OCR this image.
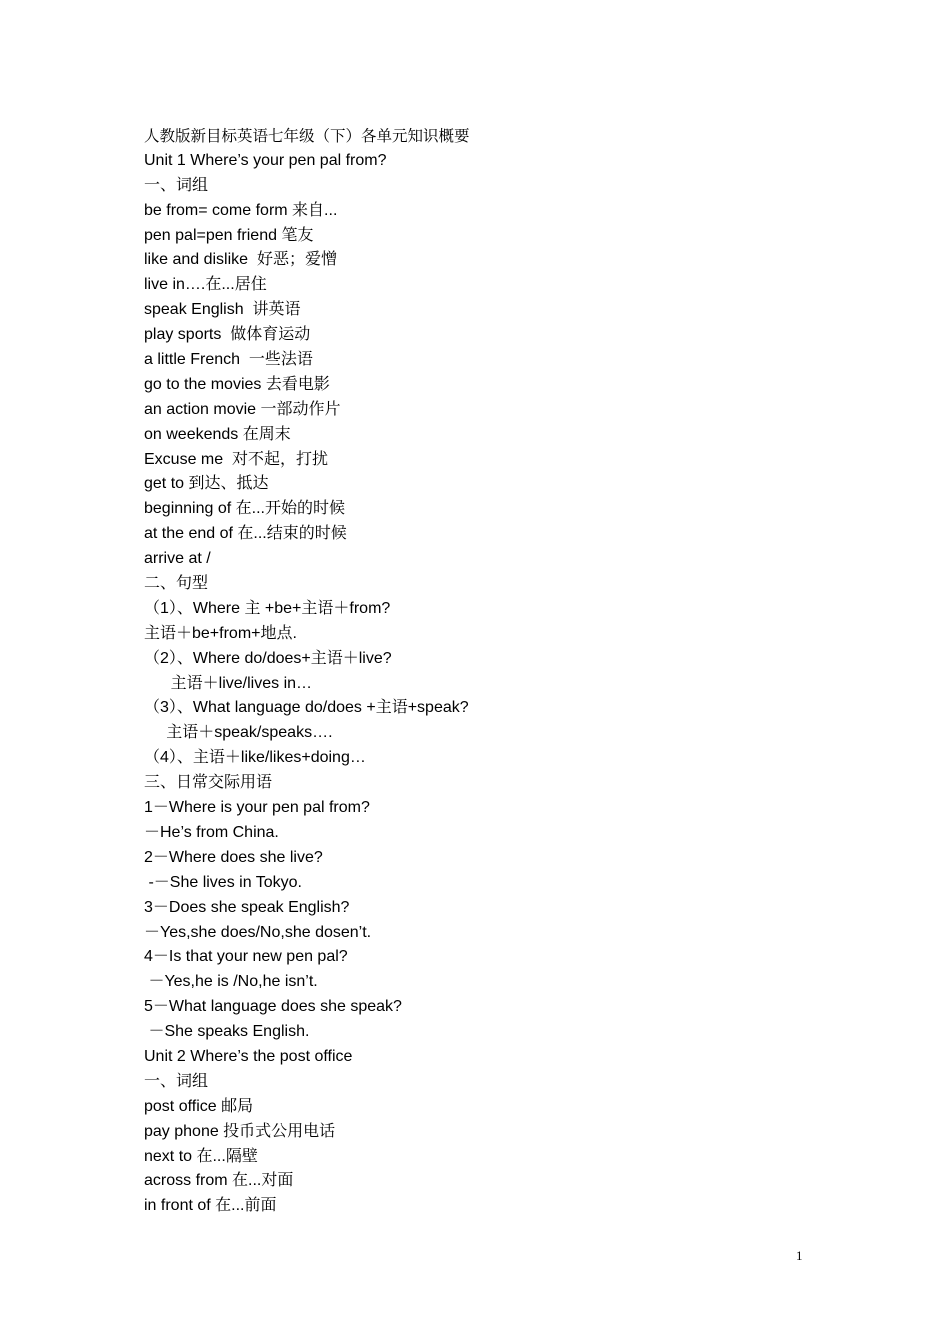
人教版新目标英语七年级（下）各单元知识概要
Unit 1 Where’s your pen pal from?
一、词组
be from= come form 来自...
pen pal=pen friend 笔友
like and dislike  好恶；爱憎
live in….在...居住
speak English  讲英语
play sports  做体育运动
a little French  一些法语
go to the movies 去看电影
an action movie 一部动作片
on weekends 在周末
Excuse me  对不起，打扰
get to 到达、抵达
beginning of 在...开始的时候
at the end of 在...结束的时候
arrive at /
二、句型
（1）、Where 主 +be+主语＋from?
主语＋be+from+地点.
（2）、Where do/does+主语＋live?
主语＋live/lives in…
（3）、What language do/does +主语+speak?
主语＋speak/speaks….
（4）、主语＋like/likes+doing…
三、日常交际用语
1－Where is your pen pal from?
－He’s from China.
2－Where does she live?
-－She lives in Tokyo.
3－Does she speak English?
－Yes,she does/No,she dosen’t.
4－Is that your new pen pal?
－Yes,he is /No,he isn’t.
5－What language does she speak?
－She speaks English.
Unit 2 Where’s the post office
一、词组
post office 邮局
pay phone 投币式公用电话
next to 在...隔壁
across from 在...对面
in front of 在...前面
1
